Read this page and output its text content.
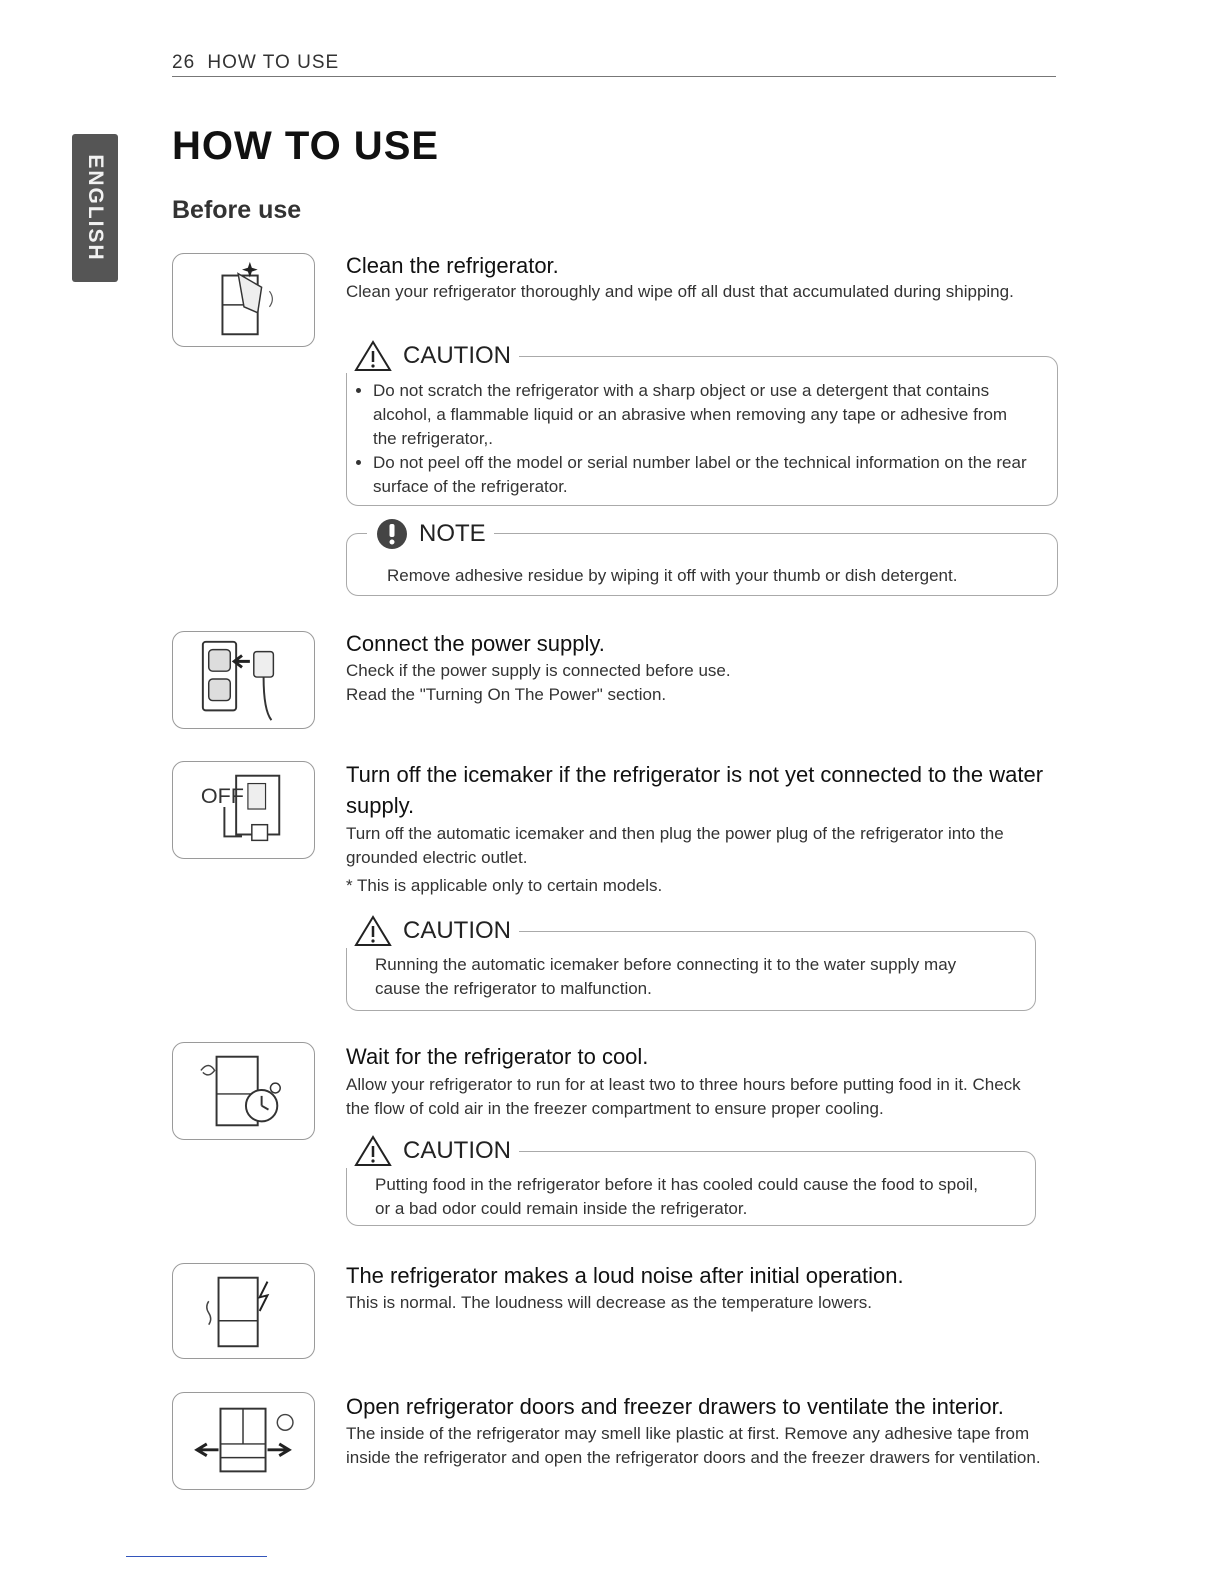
26 HOW TO USE
ENGLISH
HOW TO USE
Before use
Clean the refrigerator.
Clean your refrigerator thoroughly and wipe off all dust that accumulated during shipping.
CAUTION
• Do not scratch the refrigerator with a sharp object or use a detergent that contains alcohol, a flammable liquid or an abrasive when removing any tape or adhesive from the refrigerator,.
• Do not peel off the model or serial number label or the technical information on the rear surface of the refrigerator.
NOTE
Remove adhesive residue by wiping it off with your thumb or dish detergent.
Connect the power supply.
Check if the power supply is connected before use.
Read the "Turning On The Power" section.
OFF
Turn off the icemaker if the refrigerator is not yet connected to the water supply.
Turn off the automatic icemaker and then plug the power plug of the refrigerator into the grounded electric outlet.
* This is applicable only to certain models.
CAUTION
Running the automatic icemaker before connecting it to the water supply may cause the refrigerator to malfunction.
Wait for the refrigerator to cool.
Allow your refrigerator to run for at least two to three hours before putting food in it. Check the flow of cold air in the freezer compartment to ensure proper cooling.
CAUTION
Putting food in the refrigerator before it has cooled could cause the food to spoil, or a bad odor could remain inside the refrigerator.
The refrigerator makes a loud noise after initial operation.
This is normal. The loudness will decrease as the temperature lowers.
Open refrigerator doors and freezer drawers to ventilate the interior.
The inside of the refrigerator may smell like plastic at first. Remove any adhesive tape from inside the refrigerator and open the refrigerator doors and the freezer drawers for ventilation.
